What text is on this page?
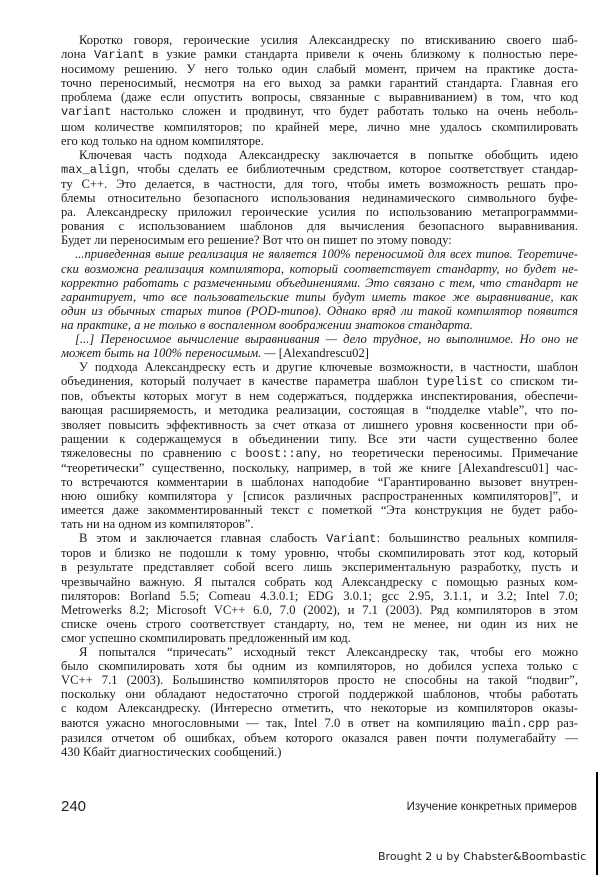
Коротко говоря, героические усилия Александреску по втискиванию своего шаб-
лона Variant в узкие рамки стандарта привели к очень близкому к полностью пере-
носимому решению. У него только один слабый момент, причем на практике доста-
точно переносимый, несмотря на его выход за рамки гарантий стандарта. Главная его
проблема (даже если опустить вопросы, связанные с выравниванием) в том, что код
variant настолько сложен и продвинут, что будет работать только на очень неболь-
шом количестве компиляторов; по крайней мере, лично мне удалось скомпилировать
его код только на одном компиляторе.
Ключевая часть подхода Александреску заключается в попытке обобщить идею
max_align, чтобы сделать ее библиотечным средством, которое соответствует стандар-
ту C++. Это делается, в частности, для того, чтобы иметь возможность решать про-
блемы относительно безопасного использования нединамического символьного буфе-
ра. Александреску приложил героические усилия по использованию метапрограммми-
рования с использованием шаблонов для вычисления безопасного выравнивания.
Будет ли переносимым его решение? Вот что он пишет по этому поводу:
...приведенная выше реализация не является 100% переносимой для всех типов. Теоретиче-
ски возможна реализация компилятора, который соответствует стандарту, но будет не-
корректно работать с размеченными объединениями. Это связано с тем, что стандарт не
гарантирует, что все пользовательские типы будут иметь такое же выравнивание, как
один из обычных старых типов (POD-типов). Однако вряд ли такой компилятор появится
на практике, а не только в воспаленном воображении знатоков стандарта.
[...] Переносимое вычисление выравнивания — дело трудное, но выполнимое. Но оно не
может быть на 100% переносимым. — [Alexandrescu02]
У подхода Александреску есть и другие ключевые возможности, в частности, шаблон
объединения, который получает в качестве параметра шаблон typelist со списком ти-
пов, объекты которых могут в нем содержаться, поддержка инспектирования, обеспечи-
вающая расширяемость, и методика реализации, состоящая в “подделке vtable”, что по-
зволяет повысить эффективность за счет отказа от лишнего уровня косвенности при об-
ращении к содержащемуся в объединении типу. Все эти части существенно более
тяжеловесны по сравнению с boost::any, но теоретически переносимы. Примечание
“теоретически” существенно, поскольку, например, в той же книге [Alexandrescu01] час-
то встречаются комментарии в шаблонах наподобие “Гарантированно вызовет внутрен-
нюю ошибку компилятора у [список различных распространенных компиляторов]”, и
имеется даже закомментированный текст с пометкой “Эта конструкция не будет рабо-
тать ни на одном из компиляторов”.
В этом и заключается главная слабость Variant: большинство реальных компиля-
торов и близко не подошли к тому уровню, чтобы скомпилировать этот код, который
в результате представляет собой всего лишь экспериментальную разработку, пусть и
чрезвычайно важную. Я пытался собрать код Александреску с помощью разных ком-
пиляторов: Borland 5.5; Comeau 4.3.0.1; EDG 3.0.1; gcc 2.95, 3.1.1, и 3.2; Intel 7.0;
Metrowerks 8.2; Microsoft VC++ 6.0, 7.0 (2002), и 7.1 (2003). Ряд компиляторов в этом
списке очень строго соответствует стандарту, но, тем не менее, ни один из них не
смог успешно скомпилировать предложенный им код.
Я попытался “причесать” исходный текст Александреску так, чтобы его можно
было скомпилировать хотя бы одним из компиляторов, но добился успеха только с
VC++ 7.1 (2003). Большинство компиляторов просто не способны на такой “подвиг”,
поскольку они обладают недостаточно строгой поддержкой шаблонов, чтобы работать
с кодом Александреску. (Интересно отметить, что некоторые из компиляторов оказы-
ваются ужасно многословными — так, Intel 7.0 в ответ на компиляцию main.cpp раз-
разился отчетом об ошибках, объем которого оказался равен почти полумегабайту —
430 Кбайт диагностических сообщений.)
240	Изучение конкретных примеров
Brought 2 u by Chabster&Boombastic
